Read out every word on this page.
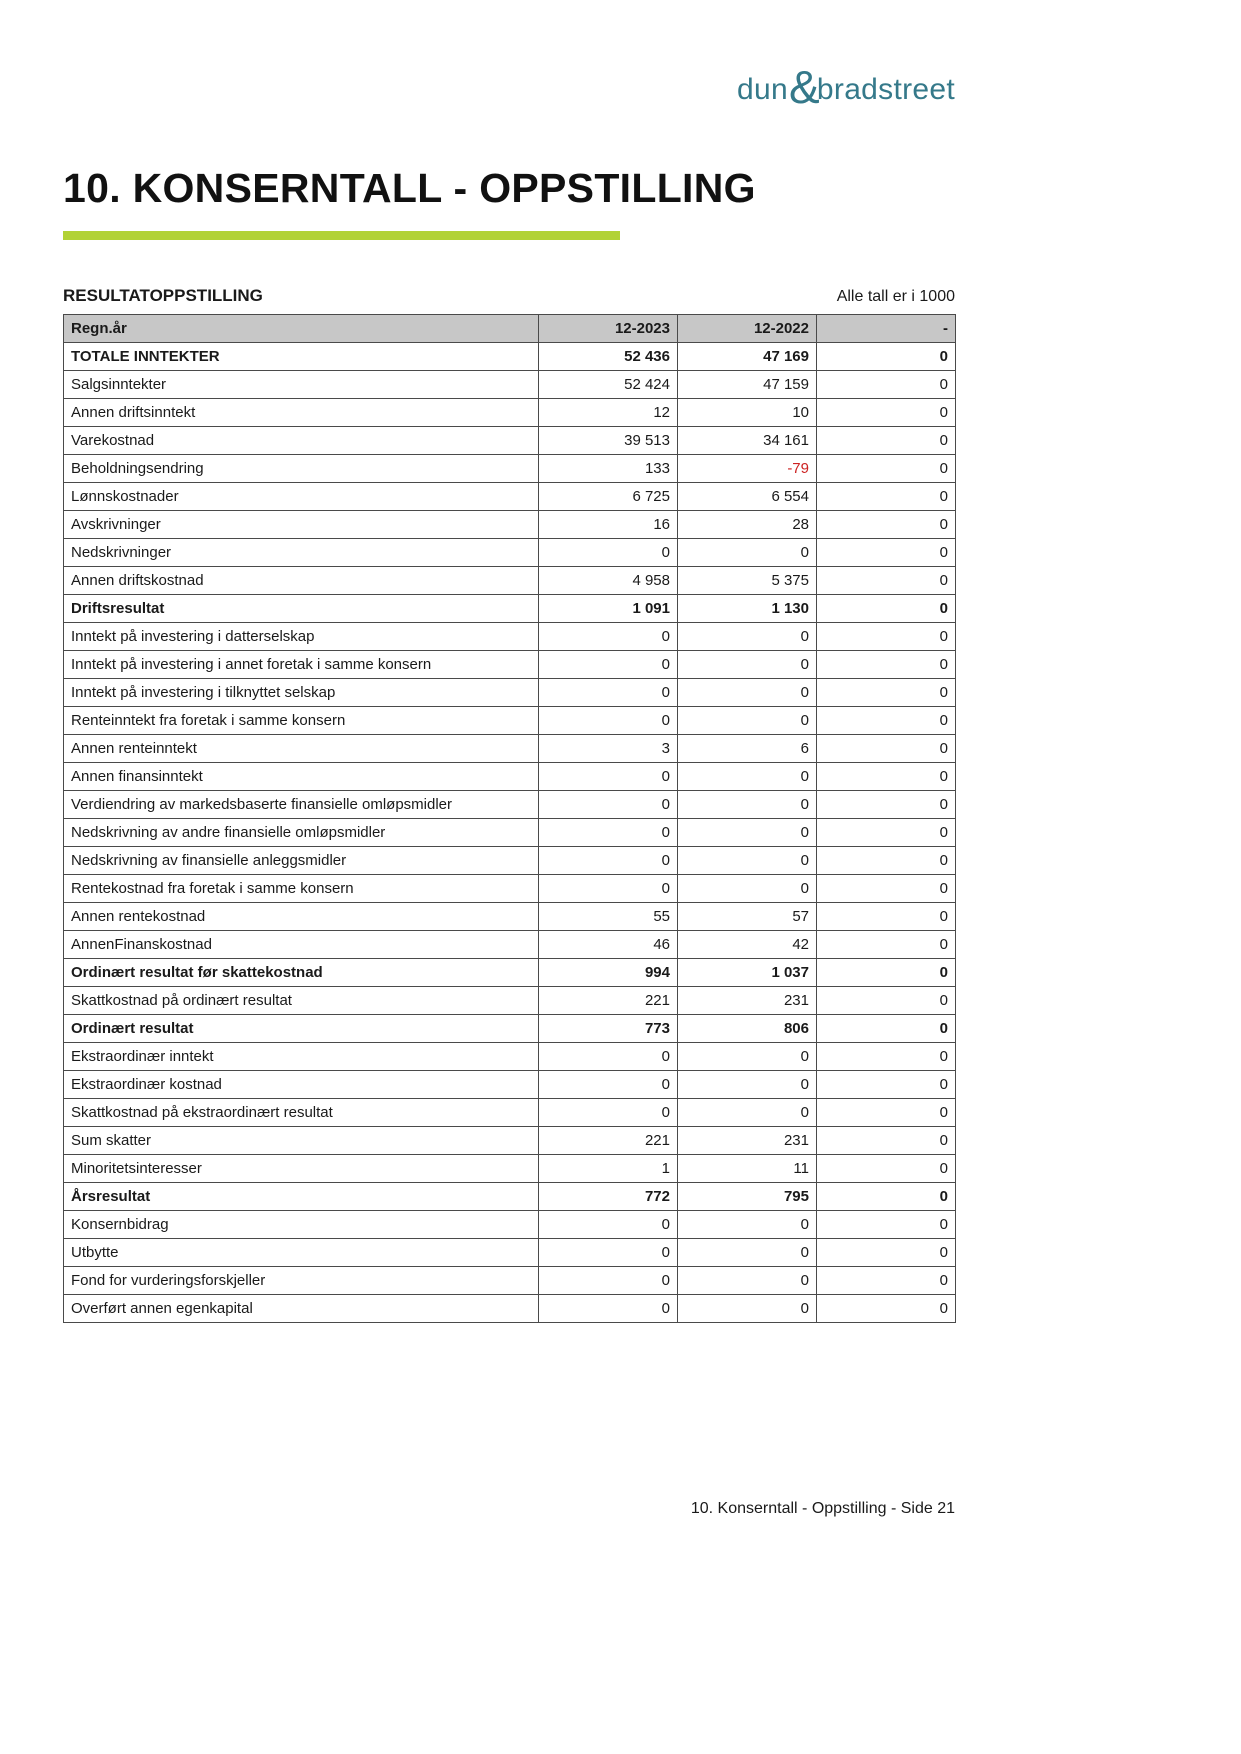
dun &
bradstreet
10. KONSERNTALL - OPPSTILLING
RESULTATOPPSTILLING	Alle tall er i 1000
Regn.år	12-2023	12-2022	-
TOTALE INNTEKTER	52 436	47 169	0
Salgsinntekter	52 424	47 159	0
Annen driftsinntekt	12	10	0
Varekostnad	39 513	34 161	0
Beholdningsendring	133	-79	0
Lønnskostnader	6 725	6 554	0
Avskrivninger	16	28	0
Nedskrivninger	0	0	0
Annen driftskostnad	4 958	5 375	0
Driftsresultat	1 091	1 130	0
Inntekt på investering i datterselskap	0	0	0
Inntekt på investering i annet foretak i samme konsern	0	0	0
Inntekt på investering i tilknyttet selskap	0	0	0
Renteinntekt fra foretak i samme konsern	0	0	0
Annen renteinntekt	3	6	0
Annen finansinntekt	0	0	0
Verdiendring av markedsbaserte finansielle omløpsmidler	0	0	0
Nedskrivning av andre finansielle omløpsmidler	0	0	0
Nedskrivning av finansielle anleggsmidler	0	0	0
Rentekostnad fra foretak i samme konsern	0	0	0
Annen rentekostnad	55	57	0
AnnenFinanskostnad	46	42	0
Ordinært resultat før skattekostnad	994	1 037	0
Skattkostnad på ordinært resultat	221	231	0
Ordinært resultat	773	806	0
Ekstraordinær inntekt	0	0	0
Ekstraordinær kostnad	0	0	0
Skattkostnad på ekstraordinært resultat	0	0	0
Sum skatter	221	231	0
Minoritetsinteresser	1	11	0
Årsresultat	772	795	0
Konsernbidrag	0	0	0
Utbytte	0	0	0
Fond for vurderingsforskjeller	0	0	0
Overført annen egenkapital	0	0	0
10. Konserntall - Oppstilling - Side 21
